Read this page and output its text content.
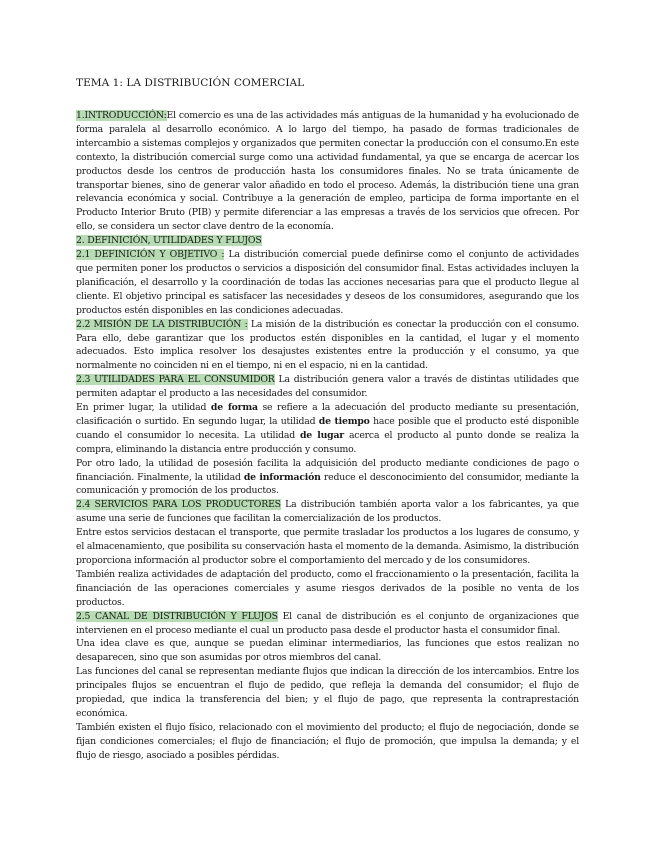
TEMA 1: LA DISTRIBUCIÓN COMERCIAL

1.INTRODUCCIÓN:El comercio es una de las actividades más antiguas de la humanidad y ha evolucionado de forma paralela al desarrollo económico. A lo largo del tiempo, ha pasado de formas tradicionales de intercambio a sistemas complejos y organizados que permiten conectar la producción con el consumo.En este contexto, la distribución comercial surge como una actividad fundamental, ya que se encarga de acercar los productos desde los centros de producción hasta los consumidores finales. No se trata únicamente de transportar bienes, sino de generar valor añadido en todo el proceso. Además, la distribución tiene una gran relevancia económica y social. Contribuye a la generación de empleo, participa de forma importante en el Producto Interior Bruto (PIB) y permite diferenciar a las empresas a través de los servicios que ofrecen. Por ello, se considera un sector clave dentro de la economía.

2. DEFINICIÓN, UTILIDADES Y FLUJOS

2.1 DEFINICIÓN Y OBJETIVO : La distribución comercial puede definirse como el conjunto de actividades que permiten poner los productos o servicios a disposición del consumidor final. Estas actividades incluyen la planificación, el desarrollo y la coordinación de todas las acciones necesarias para que el producto llegue al cliente. El objetivo principal es satisfacer las necesidades y deseos de los consumidores, asegurando que los productos estén disponibles en las condiciones adecuadas.

2.2 MISIÓN DE LA DISTRIBUCIÓN : La misión de la distribución es conectar la producción con el consumo. Para ello, debe garantizar que los productos estén disponibles en la cantidad, el lugar y el momento adecuados. Esto implica resolver los desajustes existentes entre la producción y el consumo, ya que normalmente no coinciden ni en el tiempo, ni en el espacio, ni en la cantidad.

2.3 UTILIDADES PARA EL CONSUMIDOR La distribución genera valor a través de distintas utilidades que permiten adaptar el producto a las necesidades del consumidor.

En primer lugar, la utilidad de forma se refiere a la adecuación del producto mediante su presentación, clasificación o surtido. En segundo lugar, la utilidad de tiempo hace posible que el producto esté disponible cuando el consumidor lo necesita. La utilidad de lugar acerca el producto al punto donde se realiza la compra, eliminando la distancia entre producción y consumo.

Por otro lado, la utilidad de posesión facilita la adquisición del producto mediante condiciones de pago o financiación. Finalmente, la utilidad de información reduce el desconocimiento del consumidor, mediante la comunicación y promoción de los productos.

2.4 SERVICIOS PARA LOS PRODUCTORES La distribución también aporta valor a los fabricantes, ya que asume una serie de funciones que facilitan la comercialización de los productos.

Entre estos servicios destacan el transporte, que permite trasladar los productos a los lugares de consumo, y el almacenamiento, que posibilita su conservación hasta el momento de la demanda. Asimismo, la distribución proporciona información al productor sobre el comportamiento del mercado y de los consumidores.

También realiza actividades de adaptación del producto, como el fraccionamiento o la presentación, facilita la financiación de las operaciones comerciales y asume riesgos derivados de la posible no venta de los productos.

2.5 CANAL DE DISTRIBUCIÓN Y FLUJOS El canal de distribución es el conjunto de organizaciones que intervienen en el proceso mediante el cual un producto pasa desde el productor hasta el consumidor final.

Una idea clave es que, aunque se puedan eliminar intermediarios, las funciones que estos realizan no desaparecen, sino que son asumidas por otros miembros del canal.

Las funciones del canal se representan mediante flujos que indican la dirección de los intercambios. Entre los principales flujos se encuentran el flujo de pedido, que refleja la demanda del consumidor; el flujo de propiedad, que indica la transferencia del bien; y el flujo de pago, que representa la contraprestación económica.

También existen el flujo físico, relacionado con el movimiento del producto; el flujo de negociación, donde se fijan condiciones comerciales; el flujo de financiación; el flujo de promoción, que impulsa la demanda; y el flujo de riesgo, asociado a posibles pérdidas.
